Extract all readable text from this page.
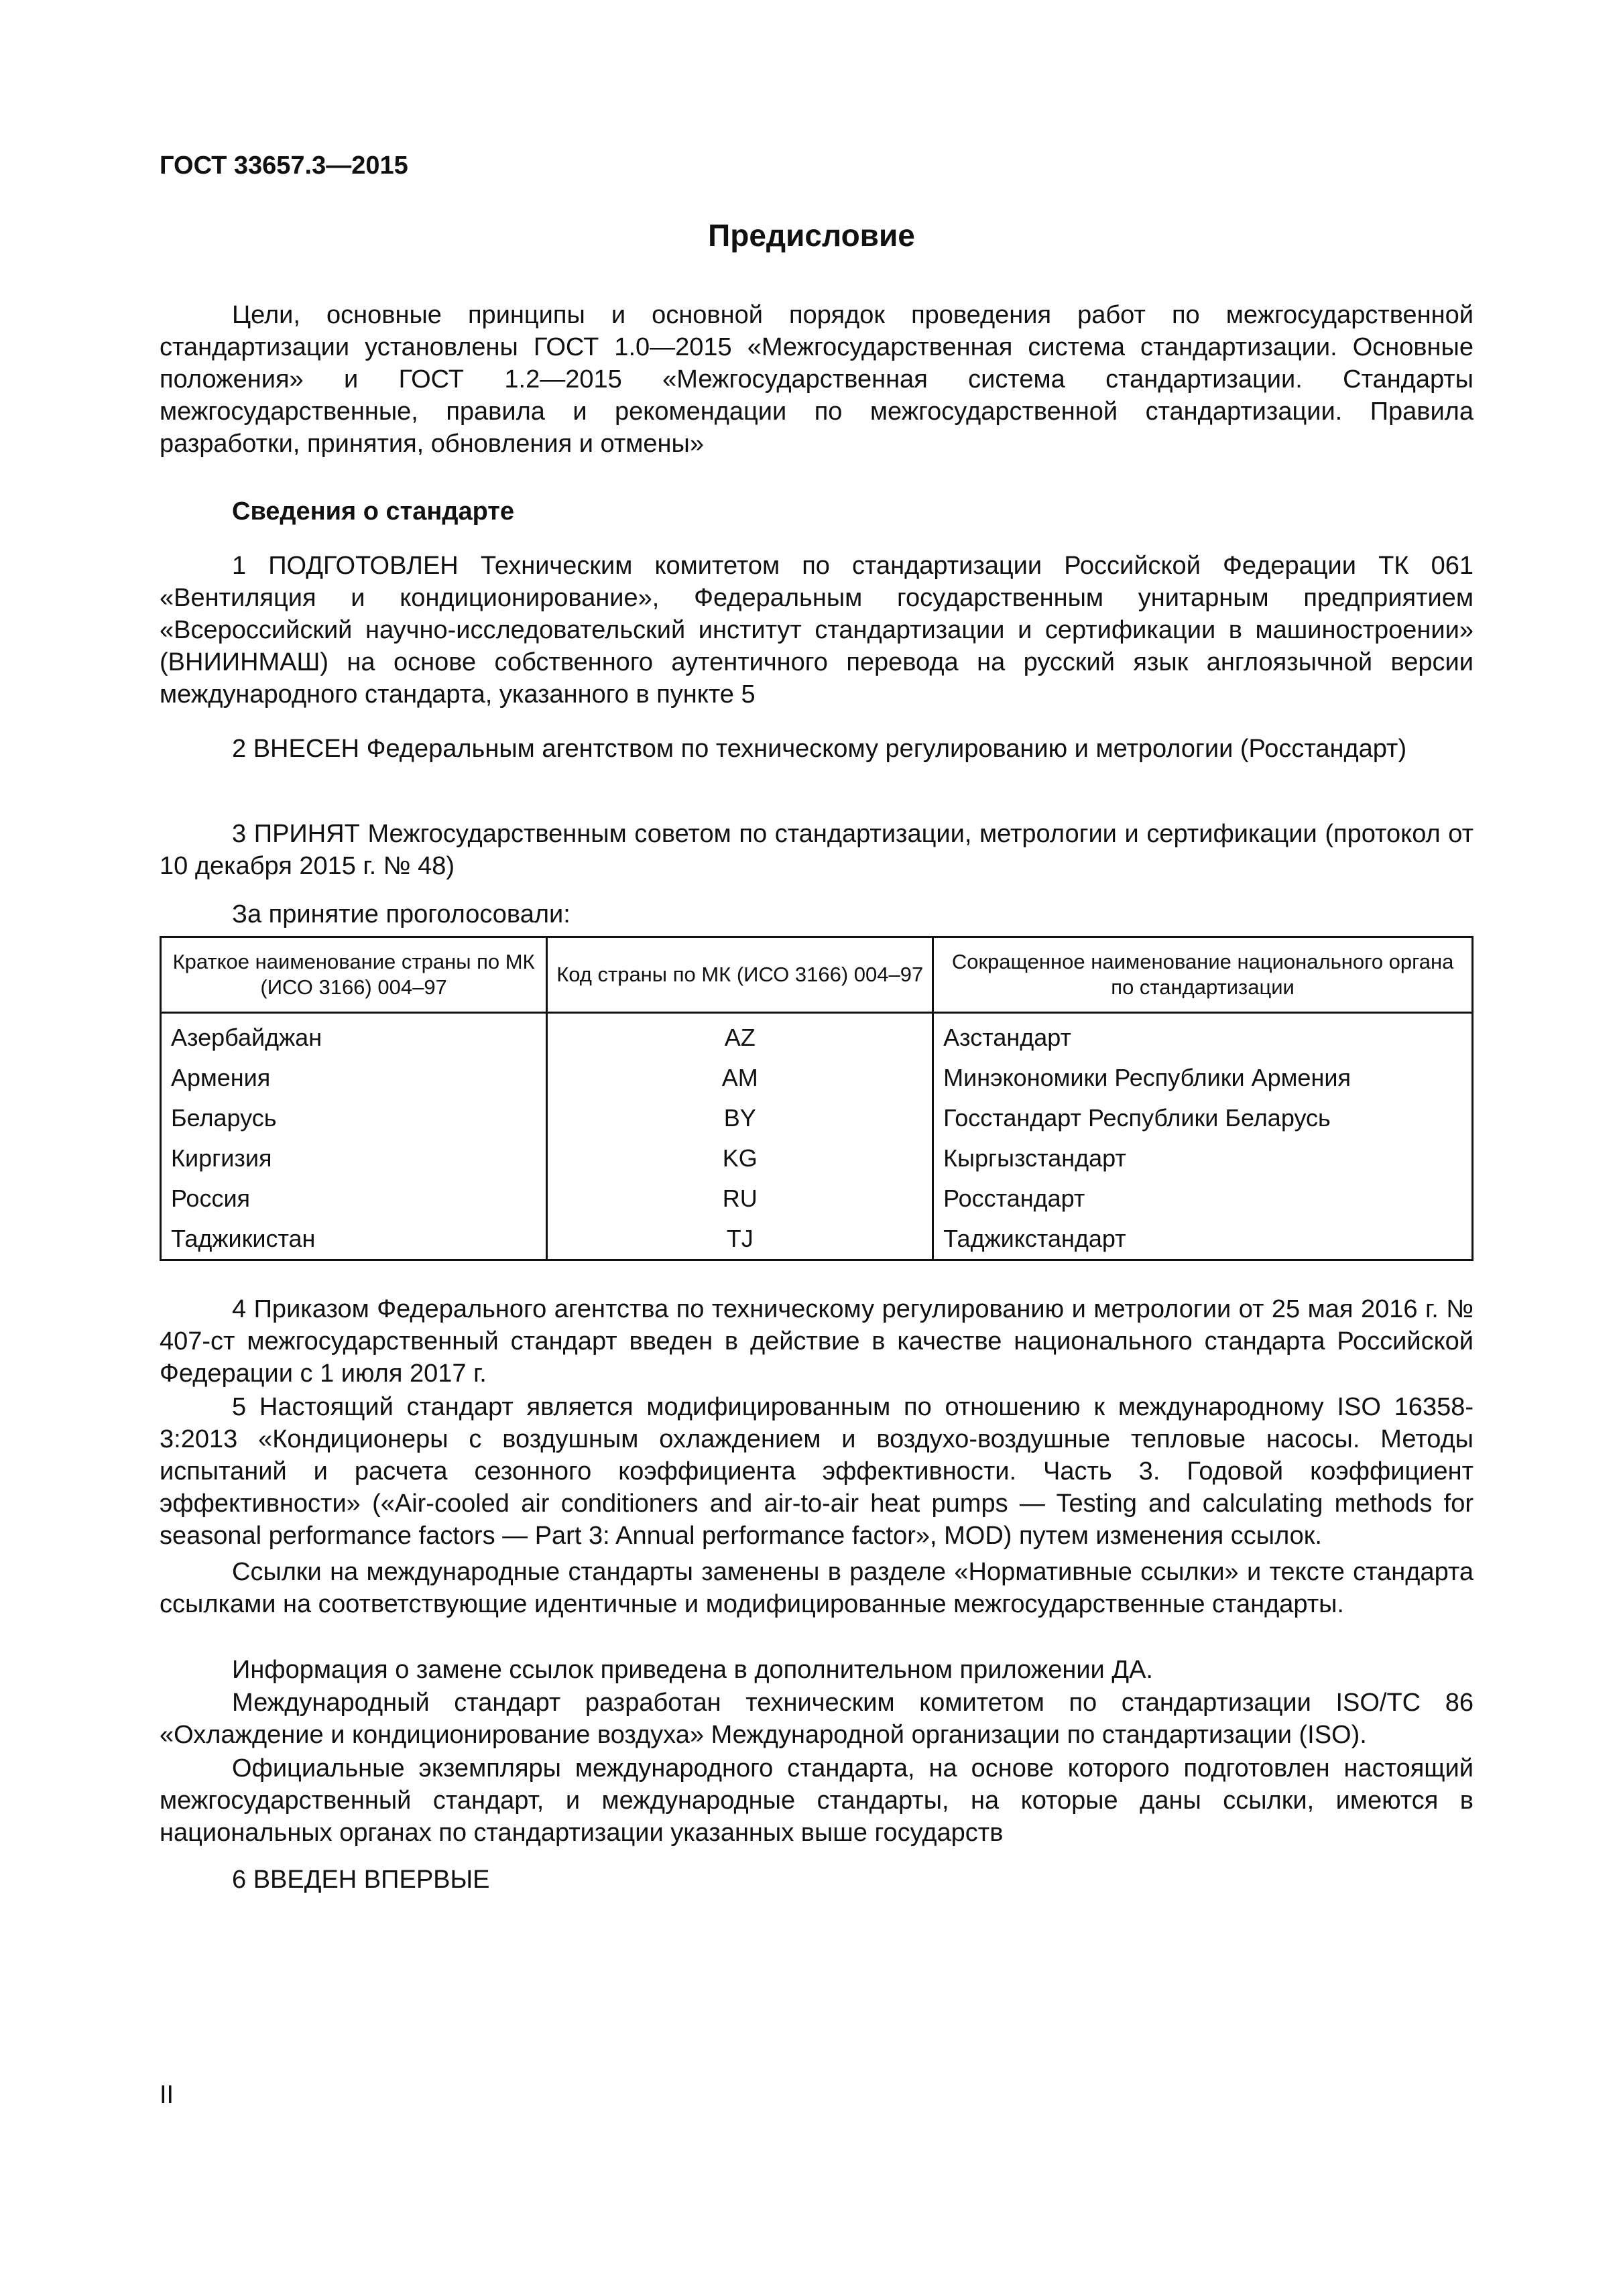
ГОСТ 33657.3—2015
Предисловие

Цели, основные принципы и основной порядок проведения работ по межгосударственной стандартизации установлены ГОСТ 1.0—2015 «Межгосударственная система стандартизации. Основные положения» и ГОСТ 1.2—2015 «Межгосударственная система стандартизации. Стандарты межгосударственные, правила и рекомендации по межгосударственной стандартизации. Правила разработки, принятия, обновления и отмены»

Сведения о стандарте

1 ПОДГОТОВЛЕН Техническим комитетом по стандартизации Российской Федерации ТК 061 «Вентиляция и кондиционирование», Федеральным государственным унитарным предприятием «Всероссийский научно-исследовательский институт стандартизации и сертификации в машиностроении» (ВНИИНМАШ) на основе собственного аутентичного перевода на русский язык англоязычной версии международного стандарта, указанного в пункте 5

2 ВНЕСЕН Федеральным агентством по техническому регулированию и метрологии (Росстандарт)

3 ПРИНЯТ Межгосударственным советом по стандартизации, метрологии и сертификации (протокол от 10 декабря 2015 г. № 48)

За принятие проголосовали:

Краткое наименование страны по МК (ИСО 3166) 004–97	Код страны по МК (ИСО 3166) 004–97	Сокращенное наименование национального органа по стандартизации
Азербайджан	AZ	Азстандарт
Армения	AM	Минэкономики Республики Армения
Беларусь	BY	Госстандарт Республики Беларусь
Киргизия	KG	Кыргызстандарт
Россия	RU	Росстандарт
Таджикистан	TJ	Таджикстандарт

4 Приказом Федерального агентства по техническому регулированию и метрологии от 25 мая 2016 г. № 407-ст межгосударственный стандарт введен в действие в качестве национального стандарта Российской Федерации с 1 июля 2017 г.

5 Настоящий стандарт является модифицированным по отношению к международному ISO 16358-3:2013 «Кондиционеры с воздушным охлаждением и воздухо-воздушные тепловые насосы. Методы испытаний и расчета сезонного коэффициента эффективности. Часть 3. Годовой коэффициент эффективности» («Air-cooled air conditioners and air-to-air heat pumps — Testing and calculating methods for seasonal performance factors — Part 3: Annual performance factor», MOD) путем изменения ссылок.

Ссылки на международные стандарты заменены в разделе «Нормативные ссылки» и тексте стандарта ссылками на соответствующие идентичные и модифицированные межгосударственные стандарты.

Информация о замене ссылок приведена в дополнительном приложении ДА.

Международный стандарт разработан техническим комитетом по стандартизации ISO/TC 86 «Охлаждение и кондиционирование воздуха» Международной организации по стандартизации (ISO).

Официальные экземпляры международного стандарта, на основе которого подготовлен настоящий межгосударственный стандарт, и международные стандарты, на которые даны ссылки, имеются в национальных органах по стандартизации указанных выше государств

6 ВВЕДЕН ВПЕРВЫЕ

II
